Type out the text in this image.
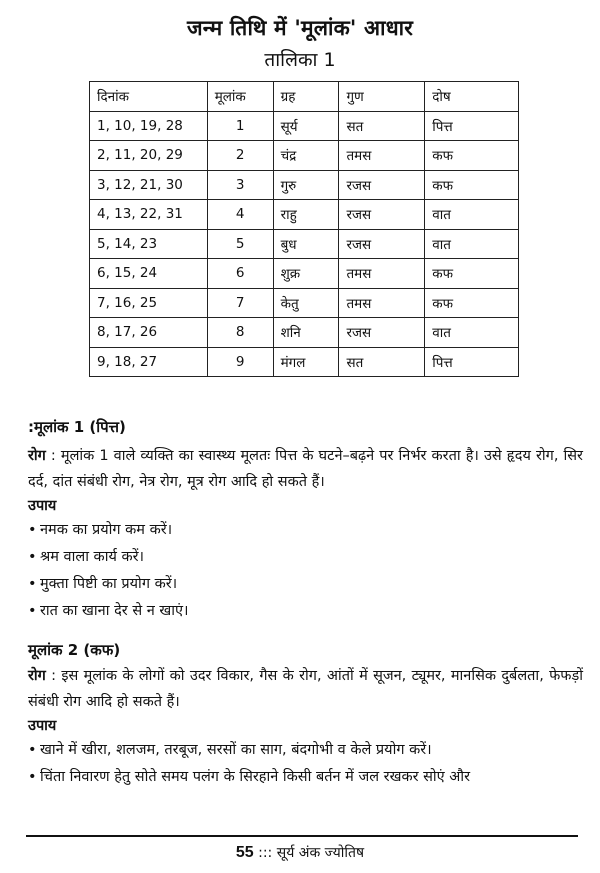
जन्म तिथि में 'मूलांक' आधार
तालिका 1
दिनांक	मूलांक	ग्रह	गुण	दोष
1, 10, 19, 28	1	सूर्य	सत	पित्त
2, 11, 20, 29	2	चंद्र	तमस	कफ
3, 12, 21, 30	3	गुरु	रजस	कफ
4, 13, 22, 31	4	राहु	रजस	वात
5, 14, 23	5	बुध	रजस	वात
6, 15, 24	6	शुक्र	तमस	कफ
7, 16, 25	7	केतु	तमस	कफ
8, 17, 26	8	शनि	रजस	वात
9, 18, 27	9	मंगल	सत	पित्त

:मूलांक 1 (पित्त)

रोग : मूलांक 1 वाले व्यक्ति का स्वास्थ्य मूलतः पित्त के घटने–बढ़ने पर निर्भर करता है। उसे हृदय रोग, सिर दर्द, दांत संबंधी रोग, नेत्र रोग, मूत्र रोग आदि हो सकते हैं।

उपाय

• नमक का प्रयोग कम करें।

• श्रम वाला कार्य करें।

• मुक्ता पिष्टी का प्रयोग करें।

• रात का खाना देर से न खाएं।

मूलांक 2 (कफ)

रोग : इस मूलांक के लोगों को उदर विकार, गैस के रोग, आंतों में सूजन, ट्यूमर, मानसिक दुर्बलता, फेफड़ों संबंधी रोग आदि हो सकते हैं।

उपाय

• खाने में खीरा, शलजम, तरबूज, सरसों का साग, बंदगोभी व केले प्रयोग करें।

• चिंता निवारण हेतु सोते समय पलंग के सिरहाने किसी बर्तन में जल रखकर सोएं और

55 ::: सूर्य अंक ज्योतिष
